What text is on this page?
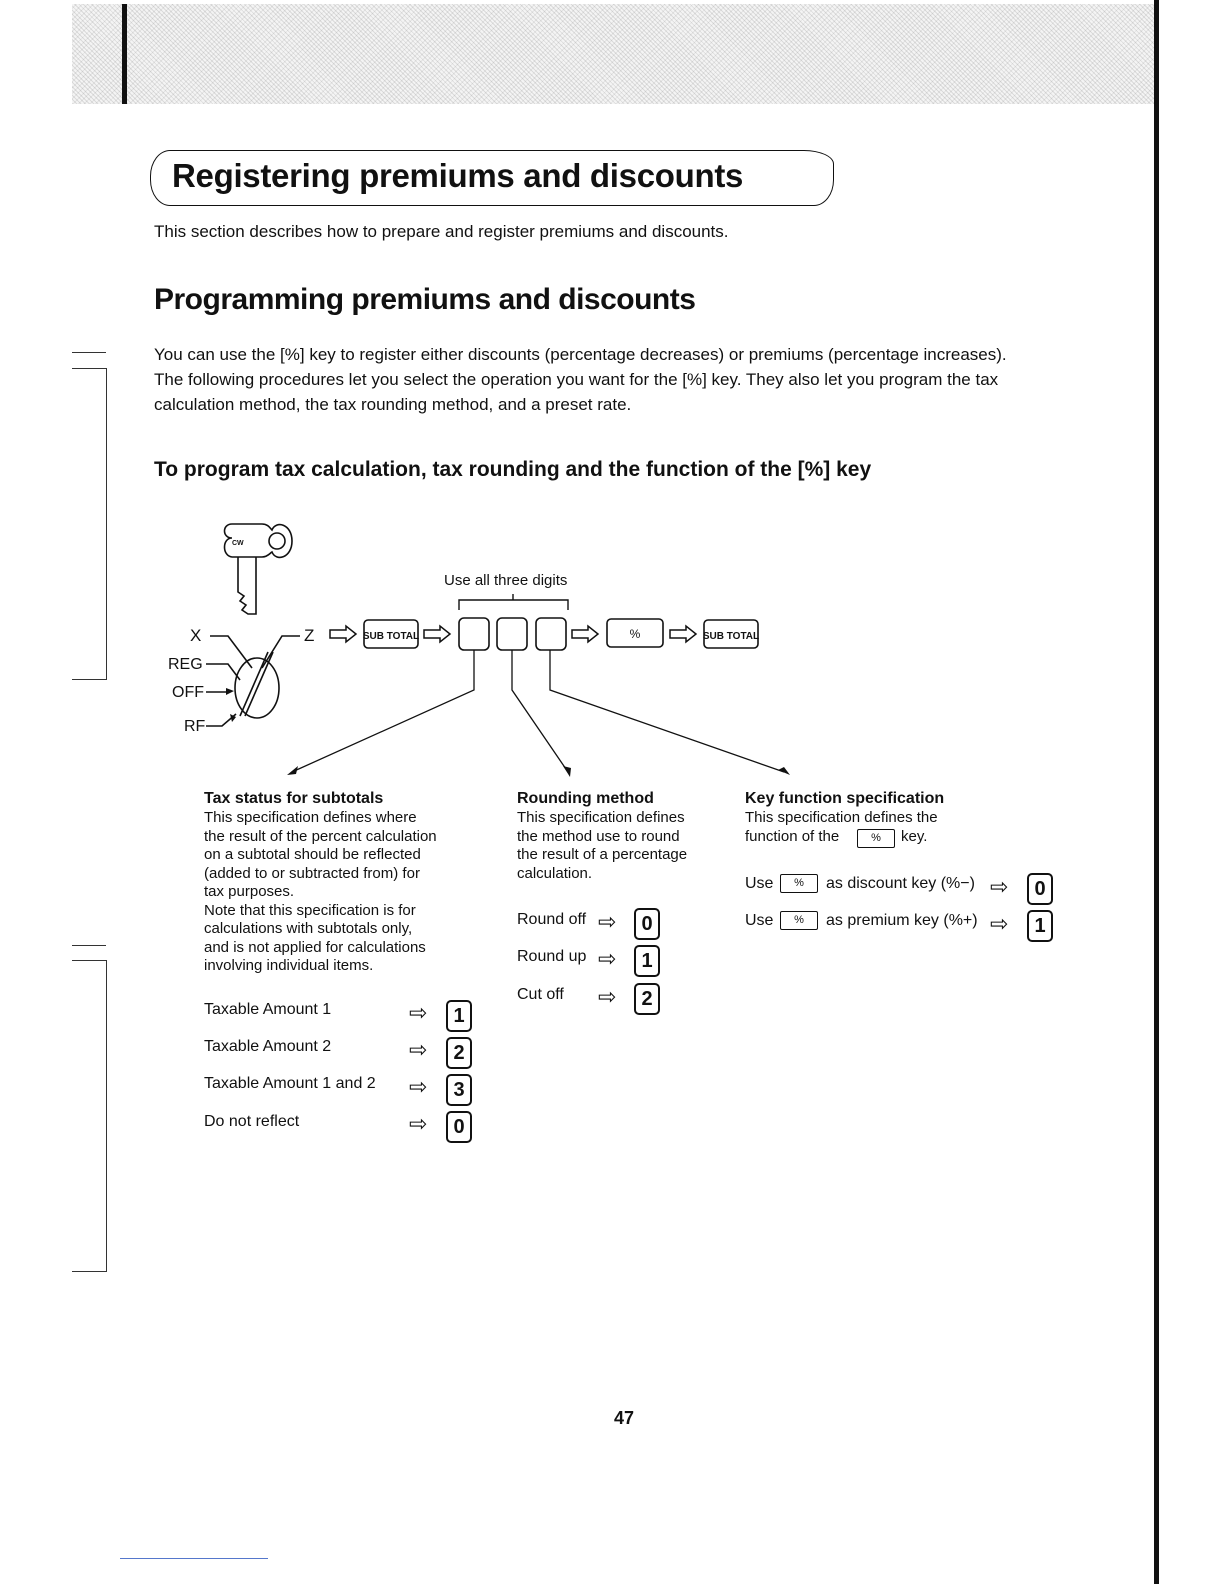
Registering premiums and discounts
This section describes how to prepare and register premiums and discounts.
Programming premiums and discounts

You can use the [%] key to register either discounts (percentage decreases) or premiums (percentage increases).

The following procedures let you select the operation you want for the [%] key. They also let you program the tax

calculation method, the tax rounding method, and a preset rate.

To program tax calculation, tax rounding and the function of the [%] key
CW
SUB TOTAL	%	SUB TOTAL
Use all three digits
X	Z
REG
OFF
RF
Tax status for subtotals
This specification defines where
the result of the percent calculation
on a subtotal should be reflected
(added to or subtracted from) for
tax purposes.
Note that this specification is for
calculations with subtotals only,
and is not applied for calculations
involving individual items.
Taxable Amount 1	⇨	1
Taxable Amount 2	⇨	2
Taxable Amount 1 and 2 ⇨	3
Do not reflect	⇨	0
Rounding method
This specification defines
the method use to round
the result of a percentage
calculation.
Round off ⇨	0
Round up ⇨	1
Cut off ⇨	2
Key function specification
This specification defines the
function of the	%	key.
Use	%	as discount key (%−) ⇨	0
Use	%	as premium key (%+) ⇨	1
47
